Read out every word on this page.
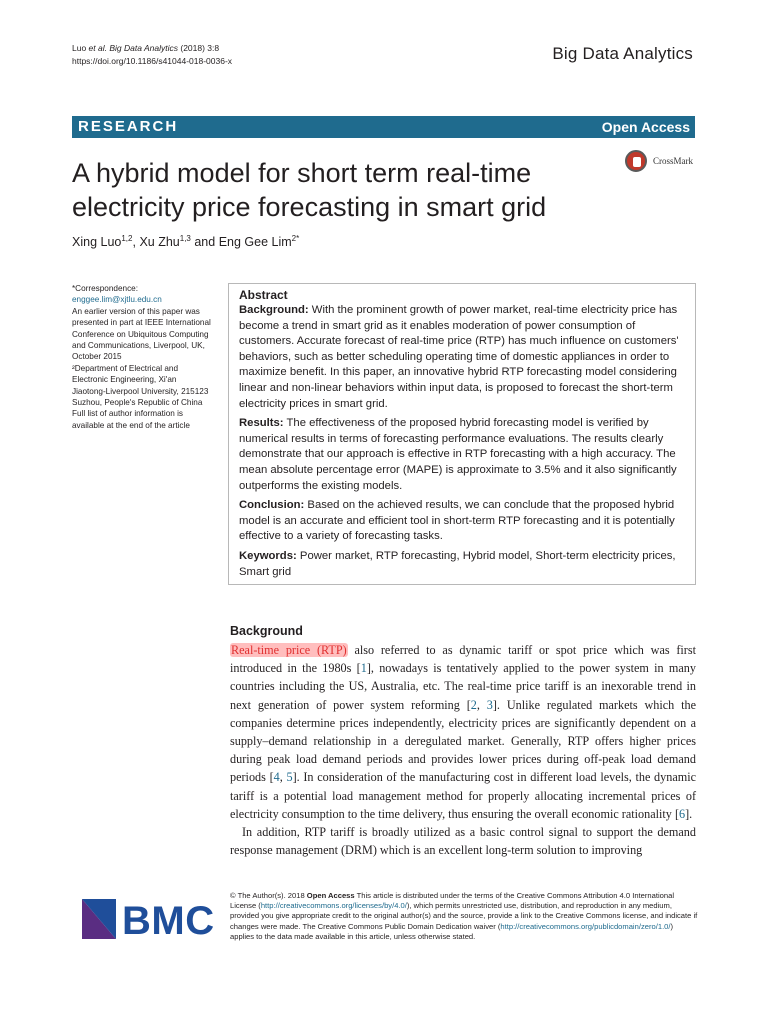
Luo et al. Big Data Analytics (2018) 3:8
https://doi.org/10.1186/s41044-018-0036-x	Big Data Analytics
RESEARCH	Open Access
A hybrid model for short term real-time electricity price forecasting in smart grid
CrossMark
Xing Luo$^{1,2}$, Xu Zhu$^{1,3}$ and Eng Gee Lim$^{2*}$
*Correspondence:
enggee.lim@xjtlu.edu.cn
An earlier version of this paper was presented in part at IEEE International Conference on Ubiquitous Computing and Communications, Liverpool, UK, October 2015
²Department of Electrical and Electronic Engineering, Xi'an Jiaotong-Liverpool University, 215123 Suzhou, People's Republic of China
Full list of author information is available at the end of the article
Abstract

Background: With the prominent growth of power market, real-time electricity price has become a trend in smart grid as it enables moderation of power consumption of customers. Accurate forecast of real-time price (RTP) has much influence on customers' behaviors, such as better scheduling operating time of domestic appliances in order to maximize benefit. In this paper, an innovative hybrid RTP forecasting model considering linear and non-linear behaviors within input data, is proposed to forecast the short-term electricity prices in smart grid.

Results: The effectiveness of the proposed hybrid forecasting model is verified by numerical results in terms of forecasting performance evaluations. The results clearly demonstrate that our approach is effective in RTP forecasting with a high accuracy. The mean absolute percentage error (MAPE) is approximate to 3.5% and it also significantly outperforms the existing models.

Conclusion: Based on the achieved results, we can conclude that the proposed hybrid model is an accurate and efficient tool in short-term RTP forecasting and it is potentially effective to a variety of forecasting tasks.

Keywords: Power market, RTP forecasting, Hybrid model, Short-term electricity prices, Smart grid

Background

Real-time price (RTP) also referred to as dynamic tariff or spot price which was first introduced in the 1980s [1], nowadays is tentatively applied to the power system in many countries including the US, Australia, etc. The real-time price tariff is an inexorable trend in next generation of power system reforming [2, 3]. Unlike regulated markets which the companies determine prices independently, electricity prices are significantly dependent on a supply–demand relationship in a deregulated market. Generally, RTP offers higher prices during peak load demand periods and provides lower prices during off-peak load demand periods [4, 5]. In consideration of the manufacturing cost in different load levels, the dynamic tariff is a potential load management method for properly allocating incremental prices of electricity consumption to the time delivery, thus ensuring the overall economic rationality [6].

In addition, RTP tariff is broadly utilized as a basic control signal to support the demand response management (DRM) which is an excellent long-term solution to improving

BMC
© The Author(s). 2018 Open Access This article is distributed under the terms of the Creative Commons Attribution 4.0 International License (http://creativecommons.org/licenses/by/4.0/), which permits unrestricted use, distribution, and reproduction in any medium, provided you give appropriate credit to the original author(s) and the source, provide a link to the Creative Commons license, and indicate if changes were made. The Creative Commons Public Domain Dedication waiver (http://creativecommons.org/publicdomain/zero/1.0/) applies to the data made available in this article, unless otherwise stated.
